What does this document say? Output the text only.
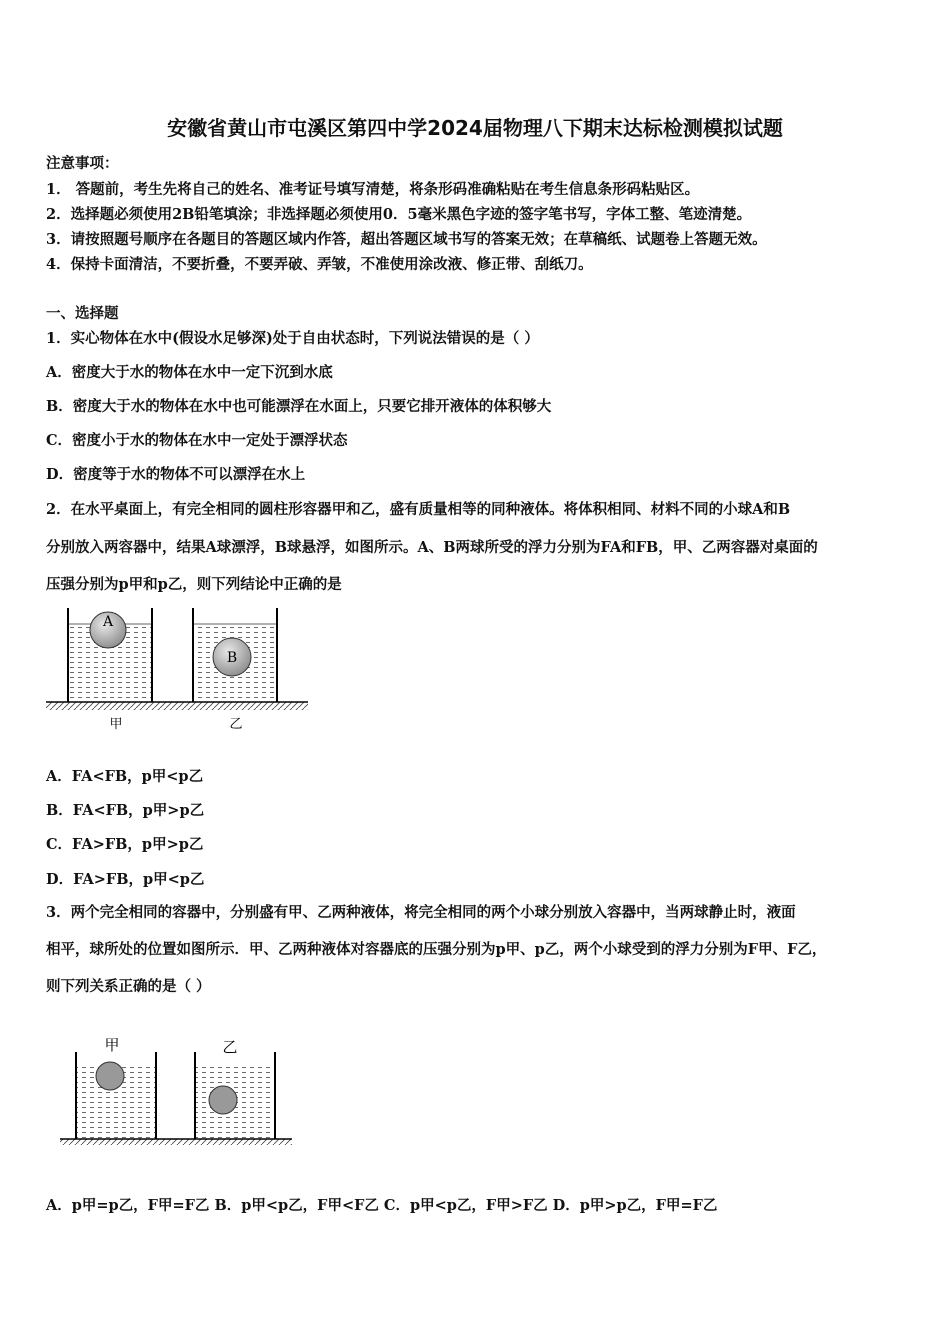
安徽省黄山市屯溪区第四中学2024届物理八下期末达标检测模拟试题
注意事项：
1． 答题前，考生先将自己的姓名、准考证号填写清楚，将条形码准确粘贴在考生信息条形码粘贴区。
2．选择题必须使用2B铅笔填涂；非选择题必须使用0．5毫米黑色字迹的签字笔书写，字体工整、笔迹清楚。
3．请按照题号顺序在各题目的答题区域内作答，超出答题区域书写的答案无效；在草稿纸、试题卷上答题无效。
4．保持卡面清洁，不要折叠，不要弄破、弄皱，不准使用涂改液、修正带、刮纸刀。
一、选择题
1．实心物体在水中(假设水足够深)处于自由状态时，下列说法错误的是（ ）
A．密度大于水的物体在水中一定下沉到水底
B．密度大于水的物体在水中也可能漂浮在水面上，只要它排开液体的体积够大
C．密度小于水的物体在水中一定处于漂浮状态
D．密度等于水的物体不可以漂浮在水上
2．在水平桌面上，有完全相同的圆柱形容器甲和乙，盛有质量相等的同种液体。将体积相同、材料不同的小球A和B
分别放入两容器中，结果A球漂浮，B球悬浮，如图所示。A、B两球所受的浮力分别为FA和FB，甲、乙两容器对桌面的
压强分别为p甲和p乙，则下列结论中正确的是
A
B
甲	乙
A．FA<FB，p甲<p乙
B．FA<FB，p甲>p乙
C．FA>FB，p甲>p乙
D．FA>FB，p甲<p乙
3．两个完全相同的容器中，分别盛有甲、乙两种液体，将完全相同的两个小球分别放入容器中，当两球静止时，液面
相平，球所处的位置如图所示．甲、乙两种液体对容器底的压强分别为p甲、p乙，两个小球受到的浮力分别为F甲、F乙，
则下列关系正确的是（ ）
甲	乙
A．p甲=p乙，F甲=F乙 B．p甲<p乙，F甲<F乙 C．p甲<p乙，F甲>F乙 D．p甲>p乙，F甲=F乙
